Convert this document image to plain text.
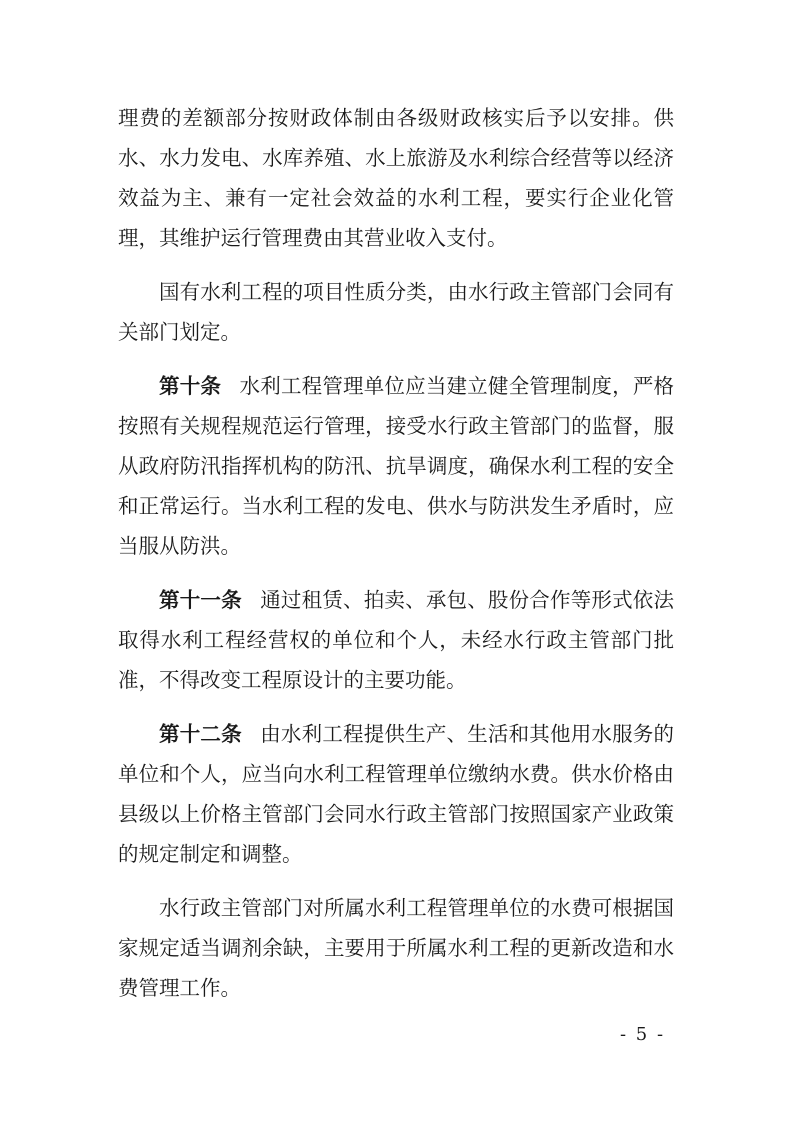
理费的差额部分按财政体制由各级财政核实后予以安排。供水、水力发电、水库养殖、水上旅游及水利综合经营等以经济效益为主、兼有一定社会效益的水利工程，要实行企业化管理，其维护运行管理费由其营业收入支付。

国有水利工程的项目性质分类，由水行政主管部门会同有关部门划定。

第十条 水利工程管理单位应当建立健全管理制度，严格按照有关规程规范运行管理，接受水行政主管部门的监督，服从政府防汛指挥机构的防汛、抗旱调度，确保水利工程的安全和正常运行。当水利工程的发电、供水与防洪发生矛盾时，应当服从防洪。

第十一条 通过租赁、拍卖、承包、股份合作等形式依法取得水利工程经营权的单位和个人，未经水行政主管部门批准，不得改变工程原设计的主要功能。

第十二条 由水利工程提供生产、生活和其他用水服务的单位和个人，应当向水利工程管理单位缴纳水费。供水价格由县级以上价格主管部门会同水行政主管部门按照国家产业政策的规定制定和调整。

水行政主管部门对所属水利工程管理单位的水费可根据国家规定适当调剂余缺，主要用于所属水利工程的更新改造和水费管理工作。

- 5 -
